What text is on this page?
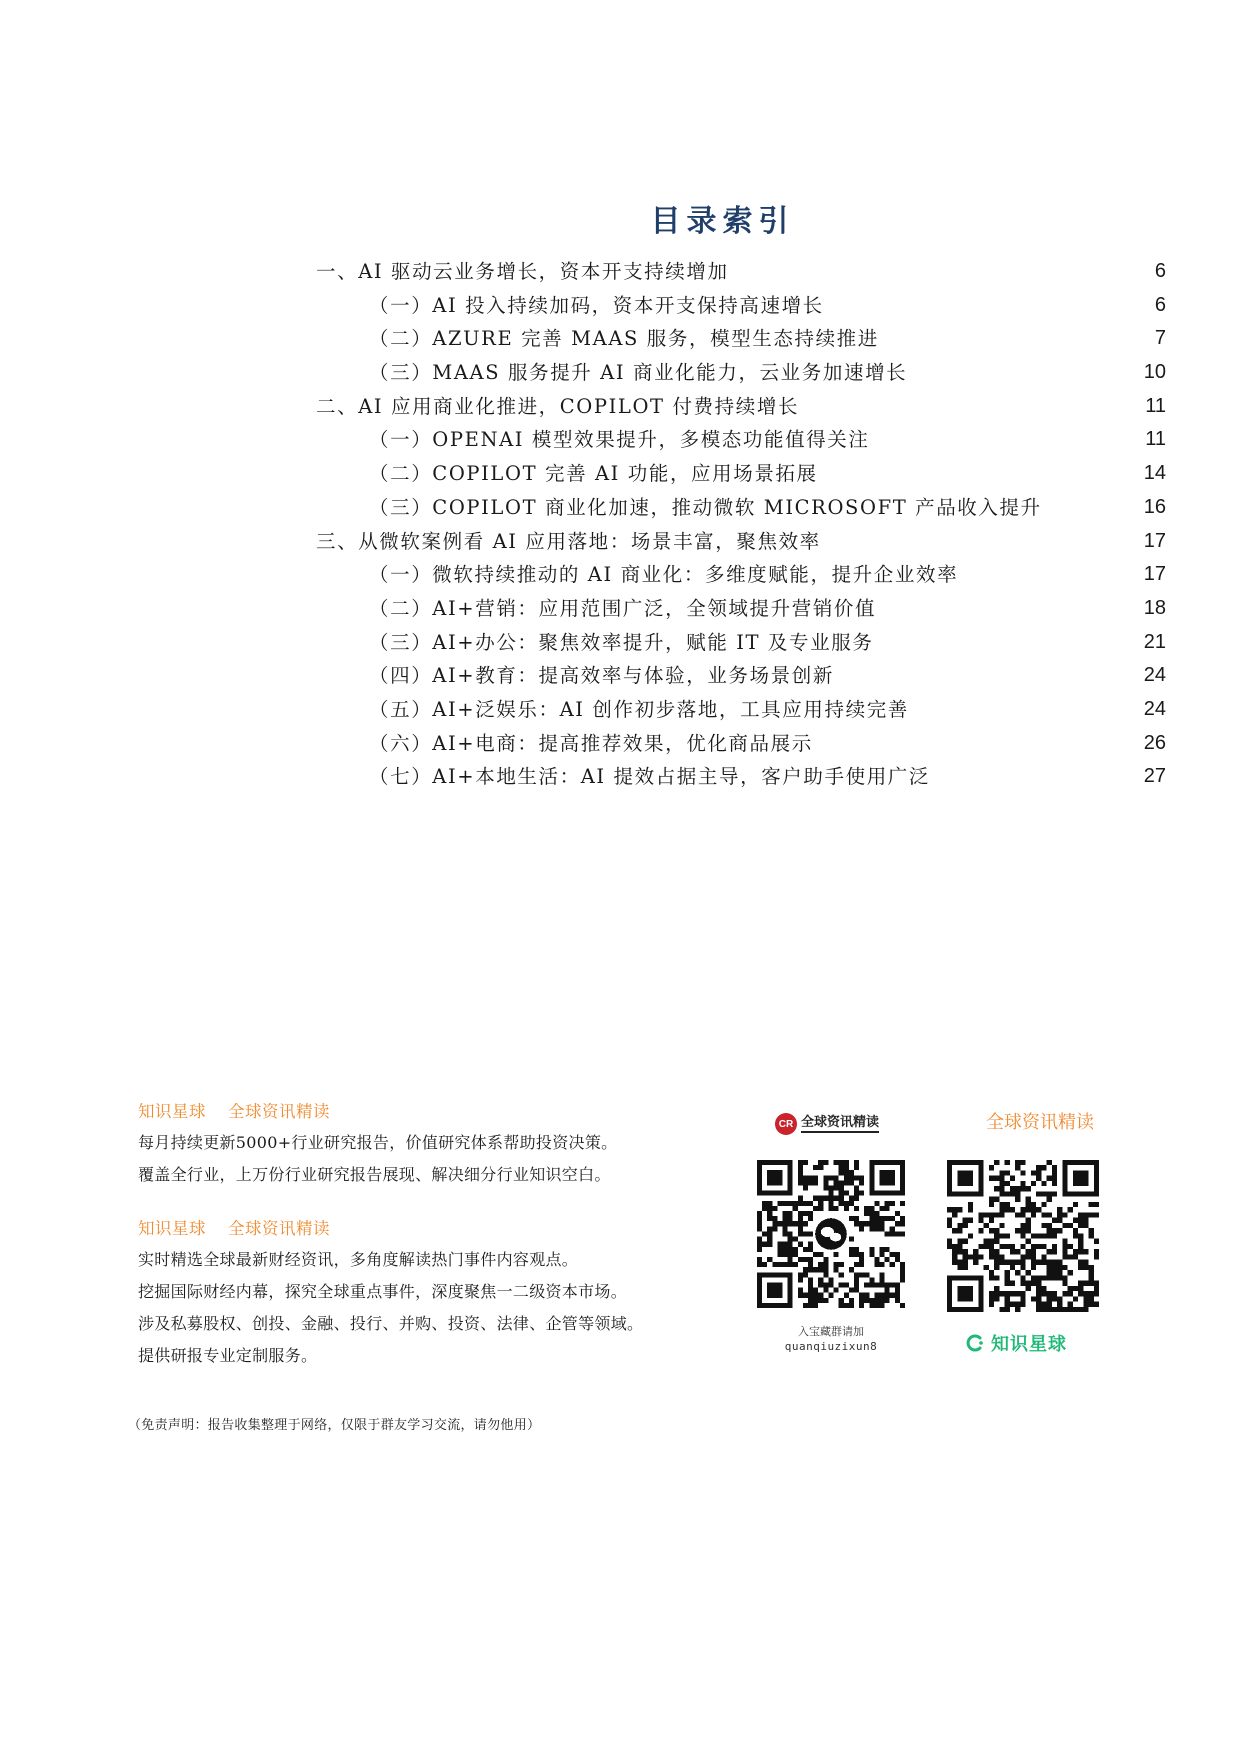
目录索引
一、AI 驱动云业务增长，资本开支持续增加	6
（一）AI 投入持续加码，资本开支保持高速增长	6
（二）AZURE 完善 MAAS 服务，模型生态持续推进	7
（三）MAAS 服务提升 AI 商业化能力，云业务加速增长	10
二、AI 应用商业化推进，COPILOT 付费持续增长	11
（一）OPENAI 模型效果提升，多模态功能值得关注	11
（二）COPILOT 完善 AI 功能，应用场景拓展	14
（三）COPILOT 商业化加速，推动微软 MICROSOFT 产品收入提升	16
三、从微软案例看 AI 应用落地：场景丰富，聚焦效率	17
（一）微软持续推动的 AI 商业化：多维度赋能，提升企业效率	17
（二）AI+营销：应用范围广泛，全领域提升营销价值	18
（三）AI+办公：聚焦效率提升，赋能 IT 及专业服务	21
（四）AI+教育：提高效率与体验，业务场景创新	24
（五）AI+泛娱乐：AI 创作初步落地，工具应用持续完善	24
（六）AI+电商：提高推荐效果，优化商品展示	26
（七）AI+本地生活：AI 提效占据主导，客户助手使用广泛	27
知识星球 全球资讯精读
每月持续更新5000+行业研究报告，价值研究体系帮助投资决策。
覆盖全行业，上万份行业研究报告展现、解决细分行业知识空白。
知识星球 全球资讯精读
实时精选全球最新财经资讯，多角度解读热门事件内容观点。
挖掘国际财经内幕，探究全球重点事件，深度聚焦一二级资本市场。
涉及私募股权、创投、金融、投行、并购、投资、法律、企管等领域。
提供研报专业定制服务。
CR 全球资讯精读
入宝藏群请加
quanqiuzixun8
全球资讯精读
知识星球
（免责声明：报告收集整理于网络，仅限于群友学习交流，请勿他用）
